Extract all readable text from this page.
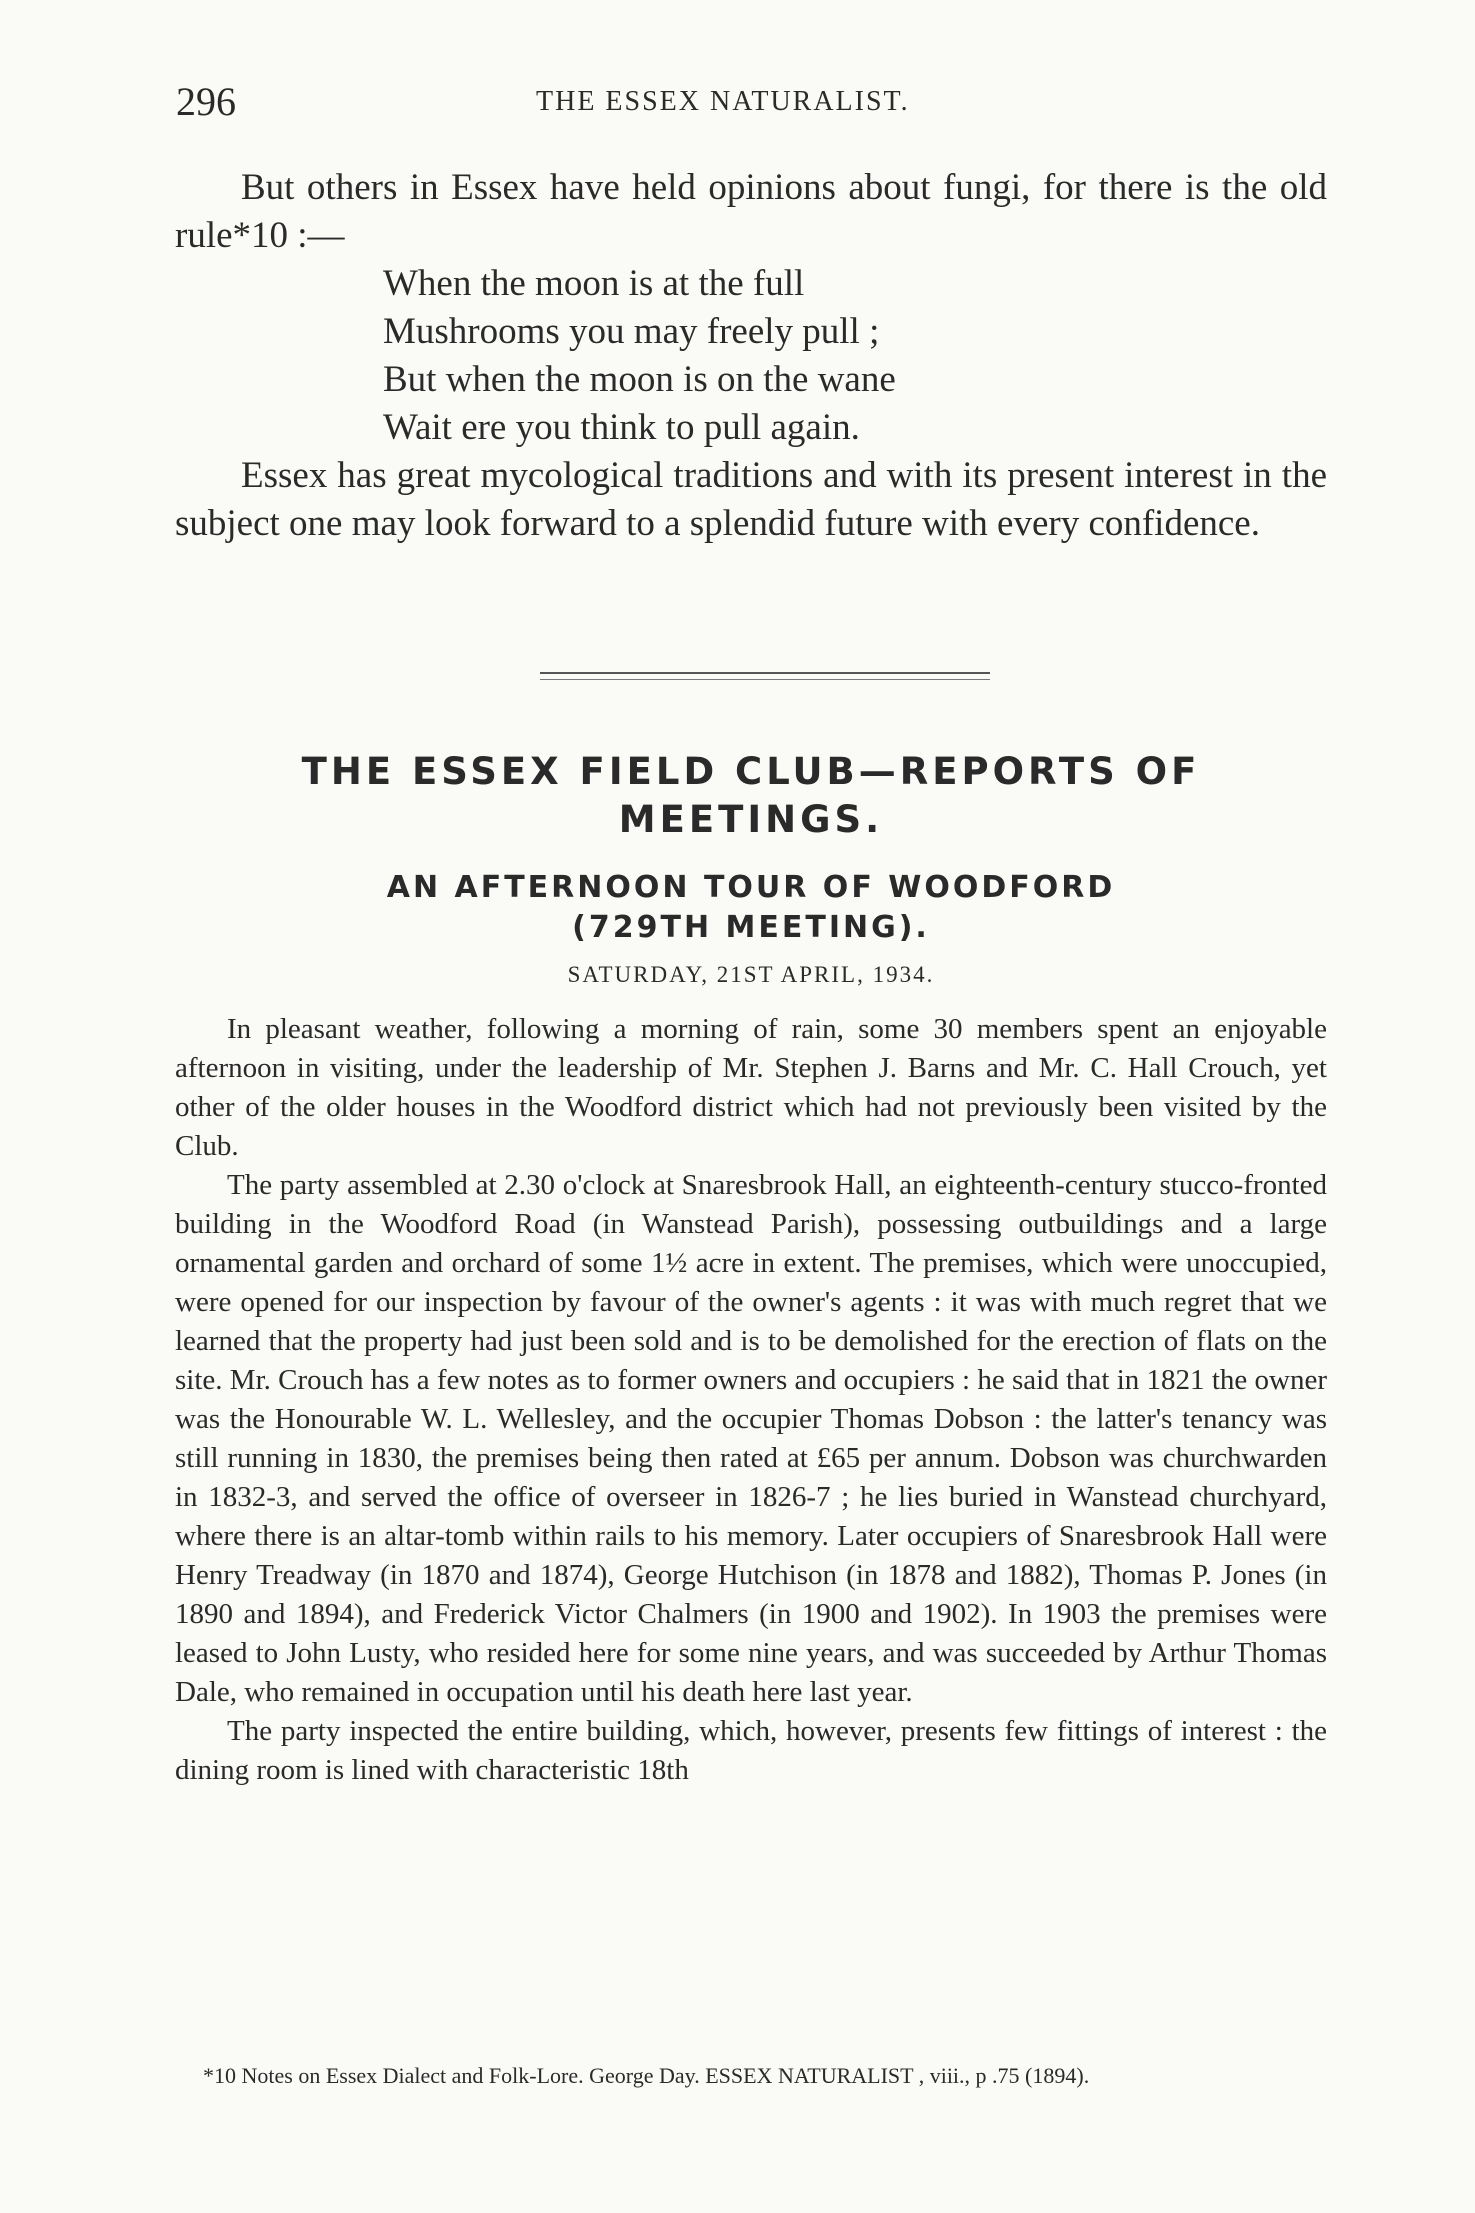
296	THE ESSEX NATURALIST.

But others in Essex have held opinions about fungi, for there is the old rule*10 :—

When the moon is at the full
Mushrooms you may freely pull ;
But when the moon is on the wane
Wait ere you think to pull again.

Essex has great mycological traditions and with its present interest in the subject one may look forward to a splendid future with every confidence.

THE ESSEX FIELD CLUB—REPORTS OF MEETINGS.
AN AFTERNOON TOUR OF WOODFORD
(729TH MEETING).
SATURDAY, 21ST APRIL, 1934.

In pleasant weather, following a morning of rain, some 30 members spent an enjoyable afternoon in visiting, under the leadership of Mr. Stephen J. Barns and Mr. C. Hall Crouch, yet other of the older houses in the Woodford district which had not previously been visited by the Club.

The party assembled at 2.30 o'clock at Snaresbrook Hall, an eighteenth-century stucco-fronted building in the Woodford Road (in Wanstead Parish), possessing outbuildings and a large ornamental garden and orchard of some 1½ acre in extent. The premises, which were unoccupied, were opened for our inspection by favour of the owner's agents : it was with much regret that we learned that the property had just been sold and is to be demolished for the erection of flats on the site. Mr. Crouch has a few notes as to former owners and occupiers : he said that in 1821 the owner was the Honourable W. L. Wellesley, and the occupier Thomas Dobson : the latter's tenancy was still running in 1830, the premises being then rated at £65 per annum. Dobson was churchwarden in 1832-3, and served the office of overseer in 1826-7 ; he lies buried in Wanstead churchyard, where there is an altar-tomb within rails to his memory. Later occupiers of Snaresbrook Hall were Henry Treadway (in 1870 and 1874), George Hutchison (in 1878 and 1882), Thomas P. Jones (in 1890 and 1894), and Frederick Victor Chalmers (in 1900 and 1902). In 1903 the premises were leased to John Lusty, who resided here for some nine years, and was succeeded by Arthur Thomas Dale, who remained in occupation until his death here last year.

The party inspected the entire building, which, however, presents few fittings of interest : the dining room is lined with characteristic 18th

*10 Notes on Essex Dialect and Folk-Lore. George Day. ESSEX NATURALIST , viii., p .75 (1894).
